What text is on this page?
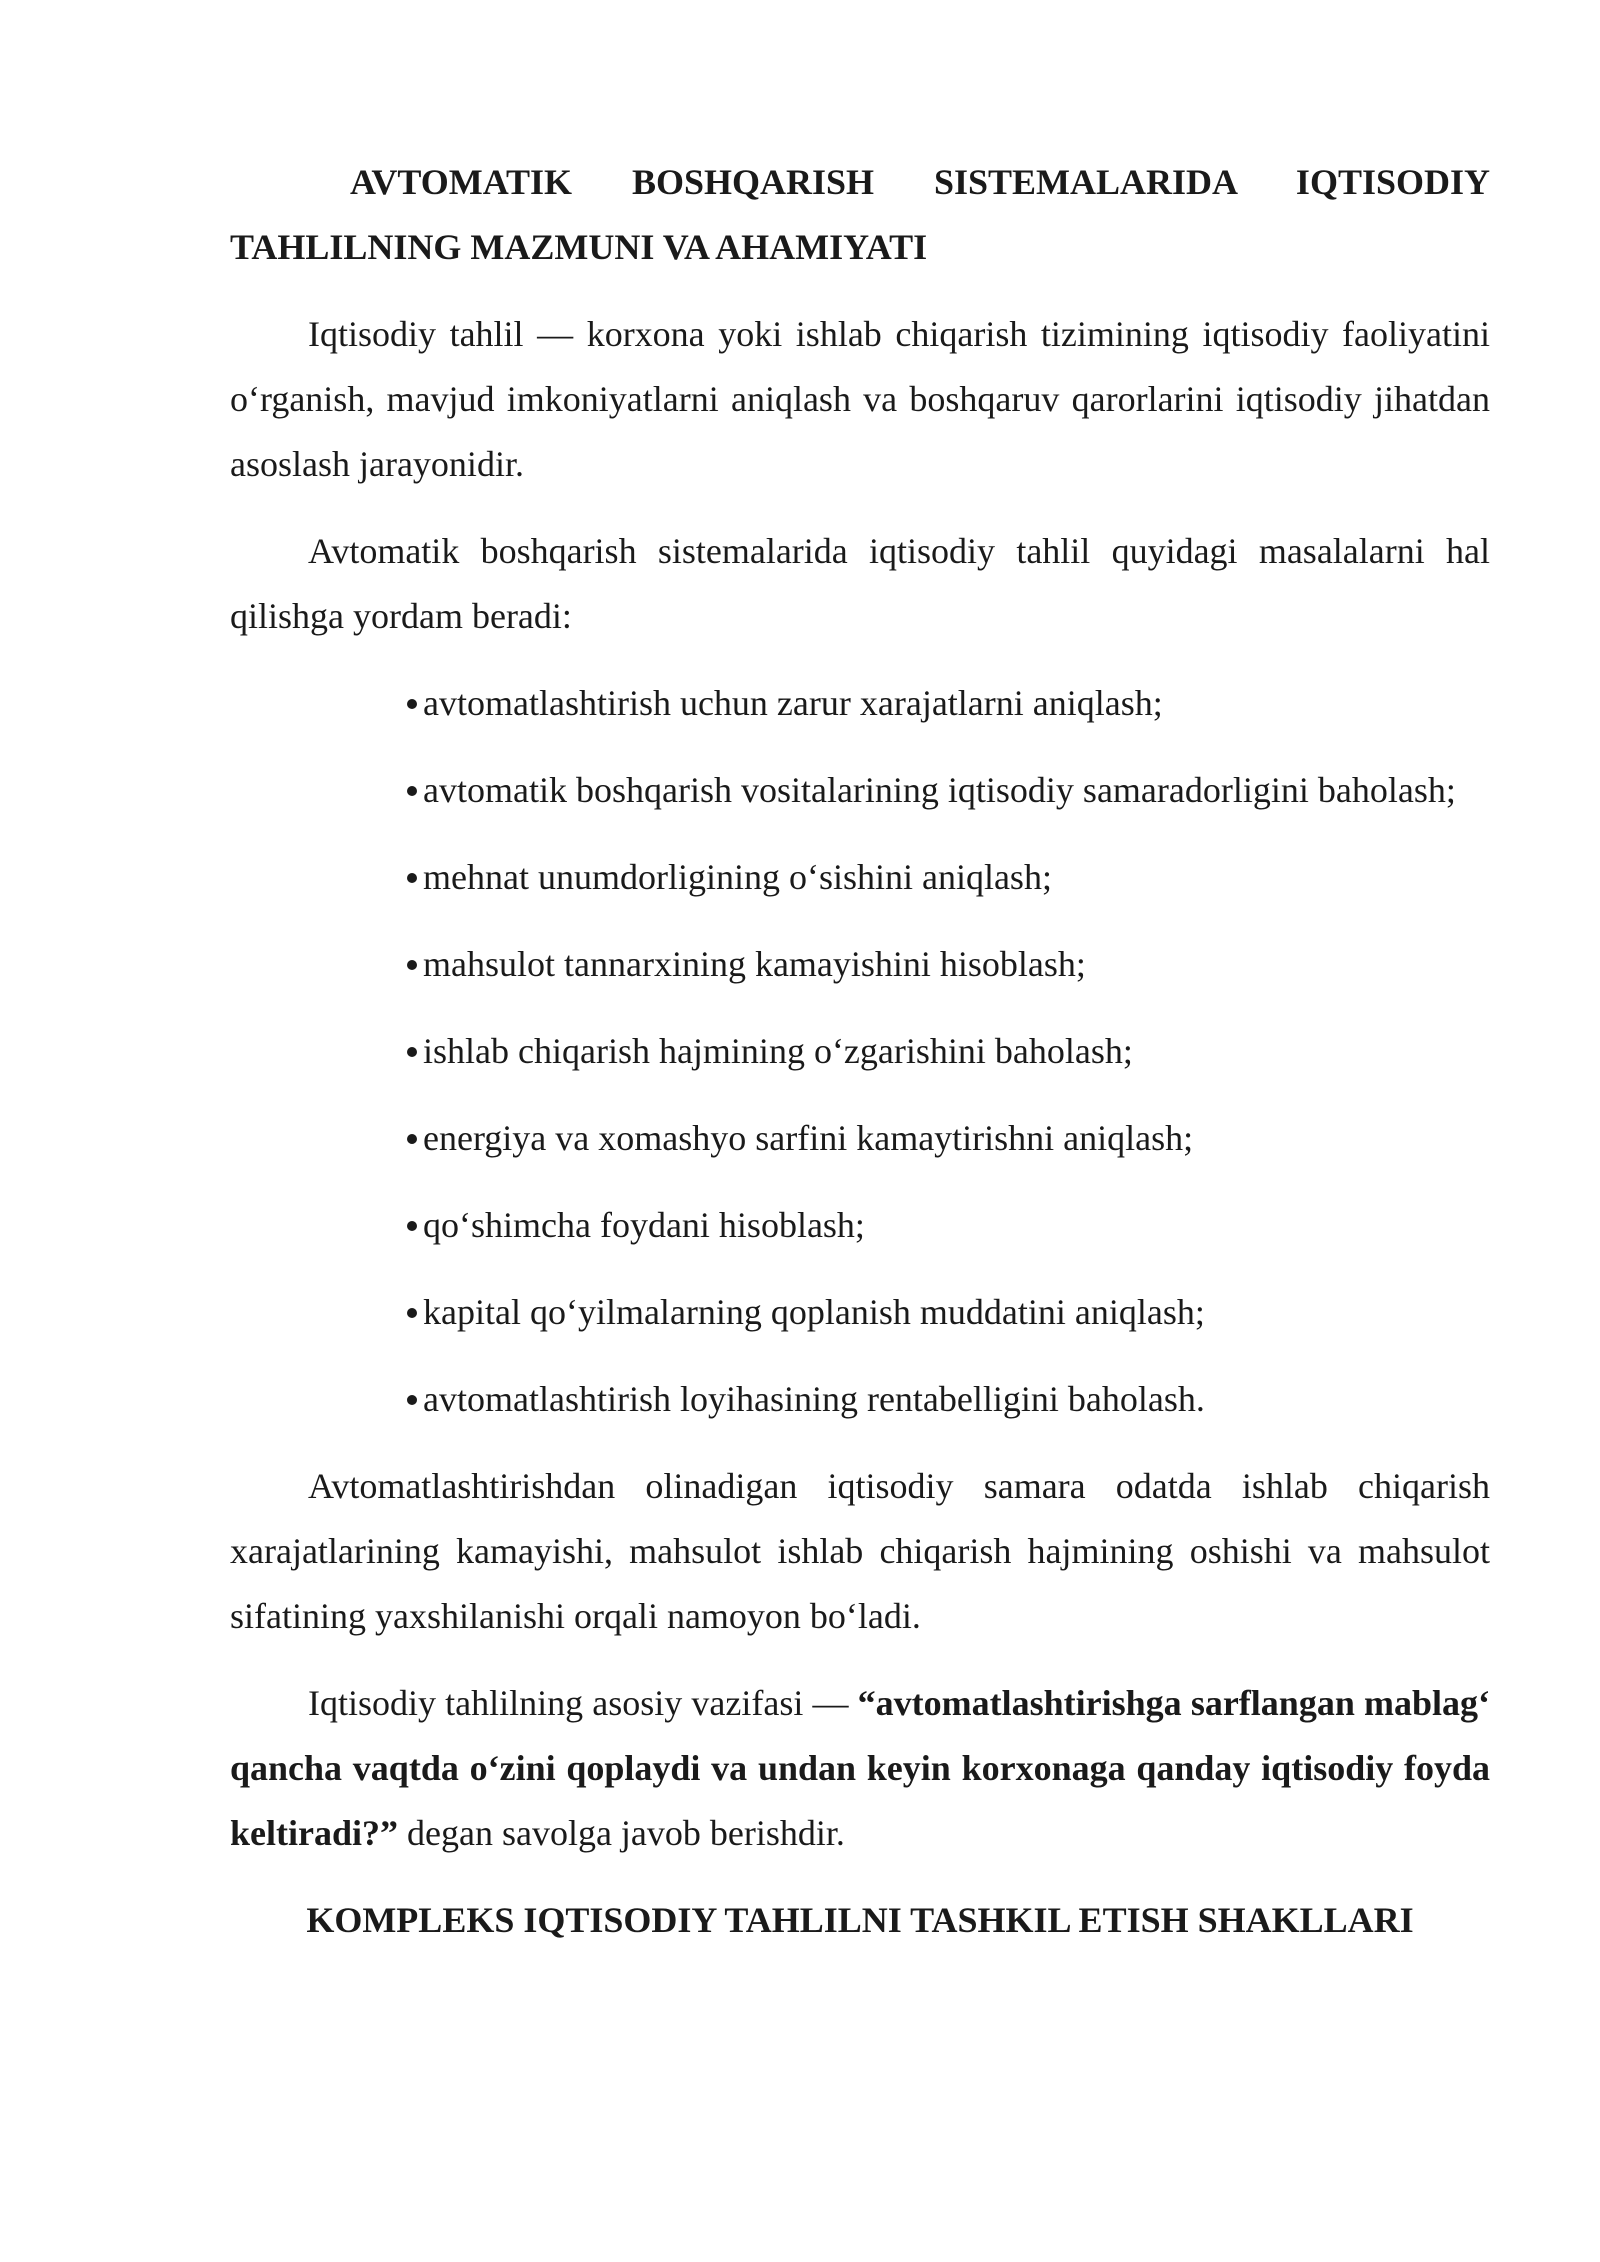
AVTOMATIK BOSHQARISH SISTEMALARIDA IQTISODIY
TAHLILNING MAZMUNI VA AHAMIYATI

Iqtisodiy tahlil — korxona yoki ishlab chiqarish tizimining iqtisodiy faoliyatini o‘rganish, mavjud imkoniyatlarni aniqlash va boshqaruv qarorlarini iqtisodiy jihatdan asoslash jarayonidir.

Avtomatik boshqarish sistemalarida iqtisodiy tahlil quyidagi masalalarni hal qilishga yordam beradi:

avtomatlashtirish uchun zarur xarajatlarni aniqlash;
avtomatik boshqarish vositalarining iqtisodiy samaradorligini baholash;
mehnat unumdorligining o‘sishini aniqlash;
mahsulot tannarxining kamayishini hisoblash;
ishlab chiqarish hajmining o‘zgarishini baholash;
energiya va xomashyo sarfini kamaytirishni aniqlash;
qo‘shimcha foydani hisoblash;
kapital qo‘yilmalarning qoplanish muddatini aniqlash;
avtomatlashtirish loyihasining rentabelligini baholash.

Avtomatlashtirishdan olinadigan iqtisodiy samara odatda ishlab chiqarish xarajatlarining kamayishi, mahsulot ishlab chiqarish hajmining oshishi va mahsulot sifatining yaxshilanishi orqali namoyon bo‘ladi.

Iqtisodiy tahlilning asosiy vazifasi — “avtomatlashtirishga sarflangan mablag‘ qancha vaqtda o‘zini qoplaydi va undan keyin korxonaga qanday iqtisodiy foyda keltiradi?” degan savolga javob berishdir.

KOMPLEKS IQTISODIY TAHLILNI TASHKIL ETISH SHAKLLARI
